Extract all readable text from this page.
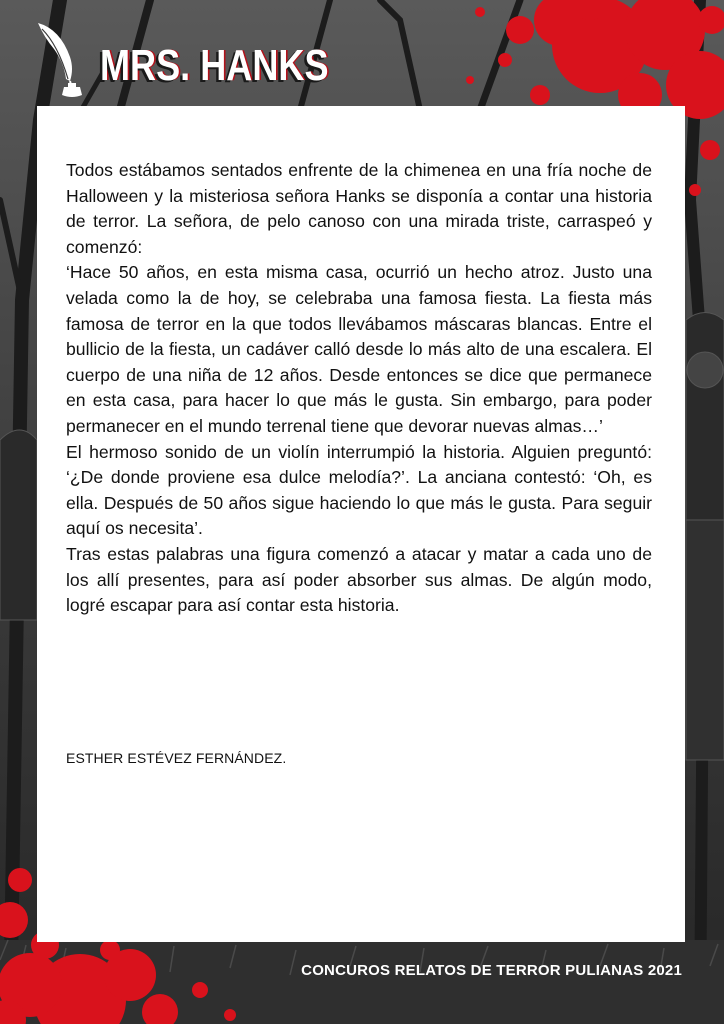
MRS. HANKS

Todos estábamos sentados enfrente de la chimenea en una fría noche de Halloween y la misteriosa señora Hanks se disponía a contar una historia de terror. La señora, de pelo canoso con una mirada triste, carraspeó y comenzó:

‘Hace 50 años, en esta misma casa, ocurrió un hecho atroz. Justo una velada como la de hoy, se celebraba una famosa fiesta. La fiesta más famosa de terror en la que todos llevábamos máscaras blancas. Entre el bullicio de la fiesta, un cadáver calló desde lo más alto de una escalera. El cuerpo de una niña de 12 años. Desde entonces se dice que permanece en esta casa, para hacer lo que más le gusta. Sin embargo, para poder permanecer en el mundo terrenal tiene que devorar nuevas almas…’

El hermoso sonido de un violín interrumpió la historia. Alguien preguntó: ‘¿De donde proviene esa dulce melodía?’. La anciana contestó: ‘Oh, es ella. Después de 50 años sigue haciendo lo que más le gusta. Para seguir aquí os necesita’.

Tras estas palabras una figura comenzó a atacar y matar a cada uno de los allí presentes, para así poder absorber sus almas. De algún modo, logré escapar para así contar esta historia.

ESTHER ESTÉVEZ FERNÁNDEZ.
CONCUROS RELATOS DE TERROR PULIANAS 2021
